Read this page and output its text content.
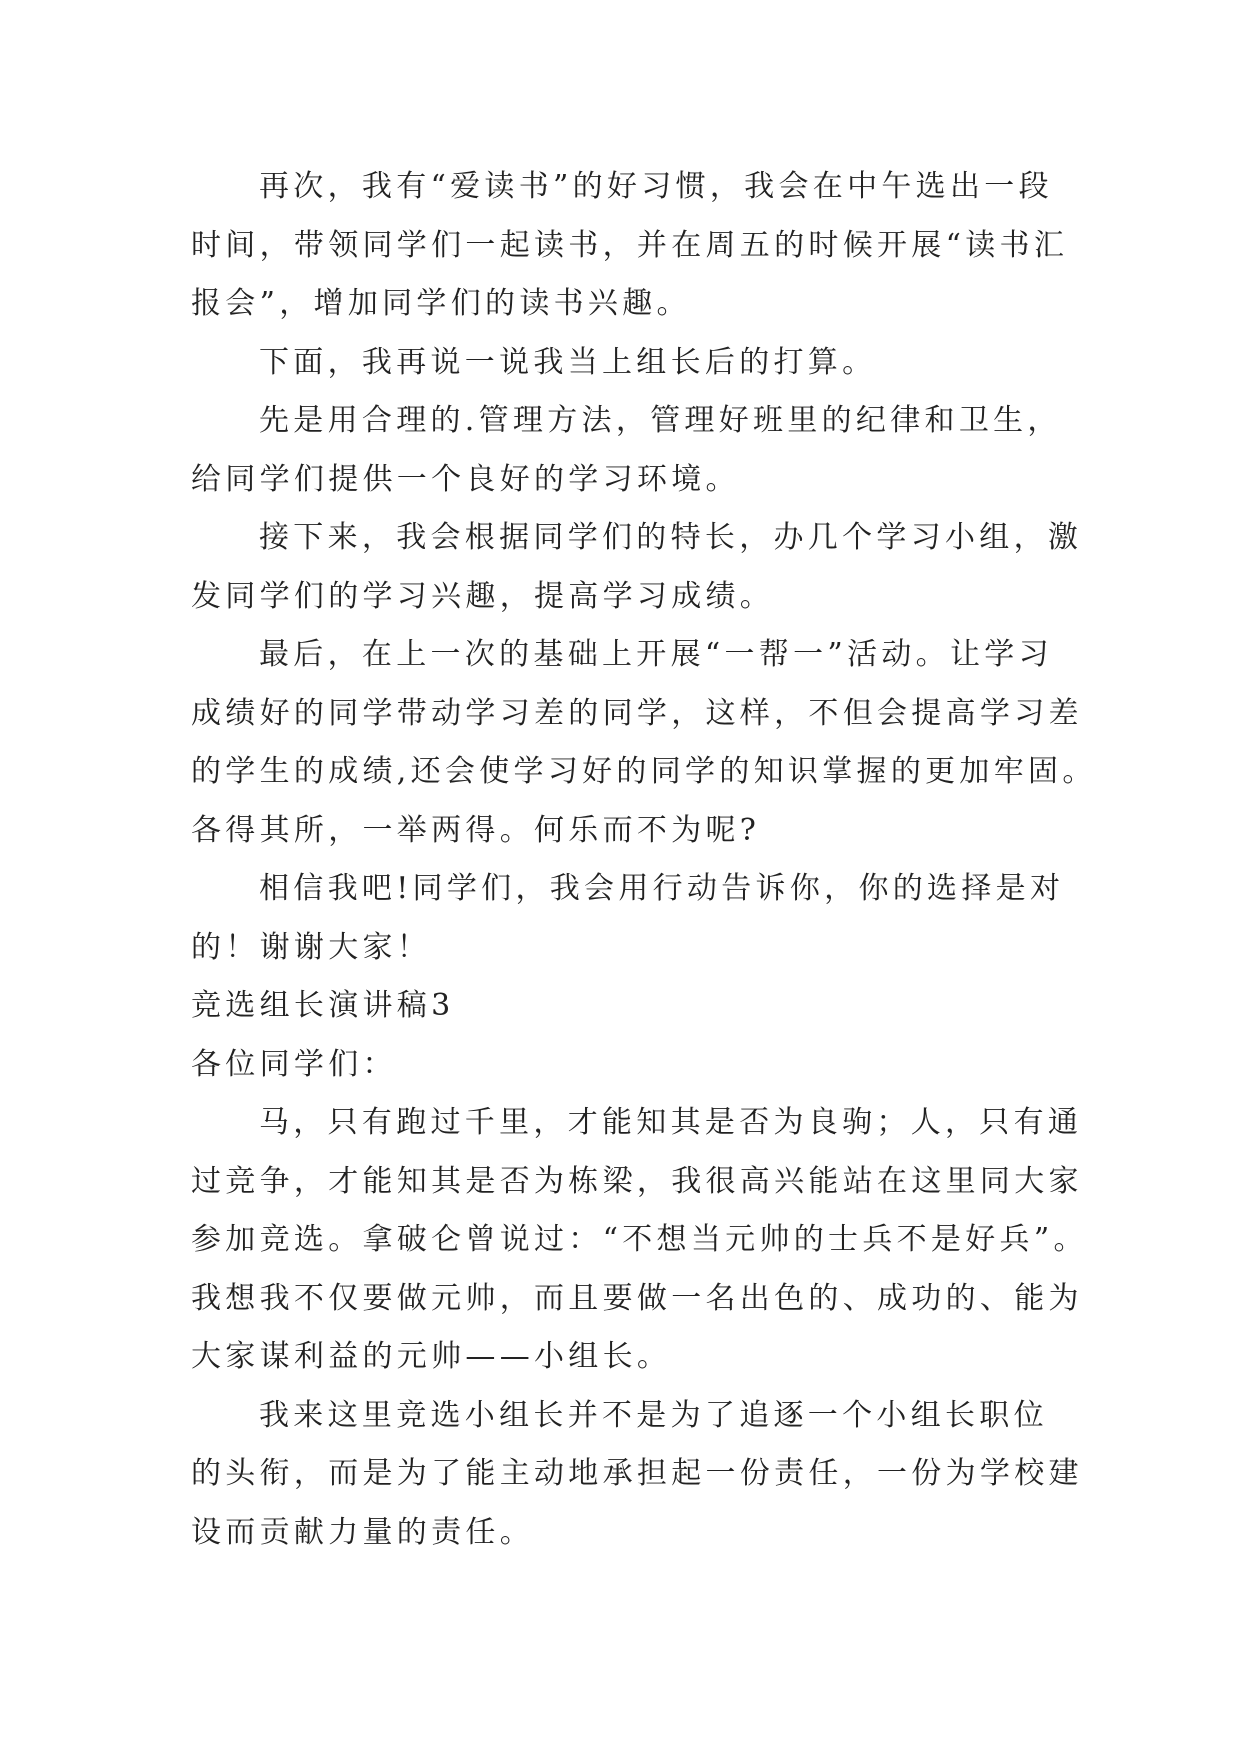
再次，我有“爱读书”的好习惯，我会在中午选出一段
时间，带领同学们一起读书，并在周五的时候开展“读书汇
报会”，增加同学们的读书兴趣。

下面，我再说一说我当上组长后的打算。

先是用合理的.管理方法，管理好班里的纪律和卫生，
给同学们提供一个良好的学习环境。

接下来，我会根据同学们的特长，办几个学习小组，激
发同学们的学习兴趣，提高学习成绩。

最后，在上一次的基础上开展“一帮一”活动。让学习
成绩好的同学带动学习差的同学，这样，不但会提高学习差
的学生的成绩,还会使学习好的同学的知识掌握的更加牢固。
各得其所，一举两得。何乐而不为呢?

相信我吧!同学们，我会用行动告诉你，你的选择是对
的！谢谢大家！

竞选组长演讲稿3

各位同学们：

马，只有跑过千里，才能知其是否为良驹；人，只有通
过竞争，才能知其是否为栋梁，我很高兴能站在这里同大家
参加竞选。拿破仑曾说过：“不想当元帅的士兵不是好兵”。
我想我不仅要做元帅，而且要做一名出色的、成功的、能为
大家谋利益的元帅——小组长。

我来这里竞选小组长并不是为了追逐一个小组长职位
的头衔，而是为了能主动地承担起一份责任，一份为学校建
设而贡献力量的责任。
